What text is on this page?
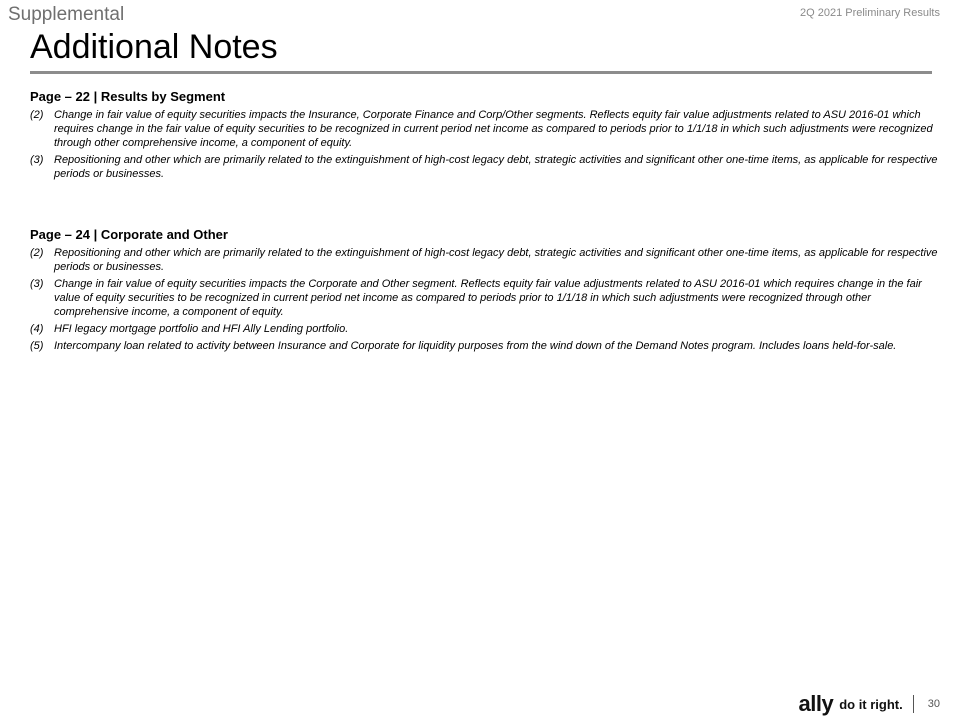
Supplemental	2Q 2021 Preliminary Results
Additional Notes
Page – 22 | Results by Segment
(2) Change in fair value of equity securities impacts the Insurance, Corporate Finance and Corp/Other segments. Reflects equity fair value adjustments related to ASU 2016-01 which requires change in the fair value of equity securities to be recognized in current period net income as compared to periods prior to 1/1/18 in which such adjustments were recognized through other comprehensive income, a component of equity.
(3) Repositioning and other which are primarily related to the extinguishment of high-cost legacy debt, strategic activities and significant other one-time items, as applicable for respective periods or businesses.
Page – 24 | Corporate and Other
(2) Repositioning and other which are primarily related to the extinguishment of high-cost legacy debt, strategic activities and significant other one-time items, as applicable for respective periods or businesses.
(3) Change in fair value of equity securities impacts the Corporate and Other segment. Reflects equity fair value adjustments related to ASU 2016-01 which requires change in the fair value of equity securities to be recognized in current period net income as compared to periods prior to 1/1/18 in which such adjustments were recognized through other comprehensive income, a component of equity.
(4) HFI legacy mortgage portfolio and HFI Ally Lending portfolio.
(5) Intercompany loan related to activity between Insurance and Corporate for liquidity purposes from the wind down of the Demand Notes program. Includes loans held-for-sale.
ally do it right. 30
